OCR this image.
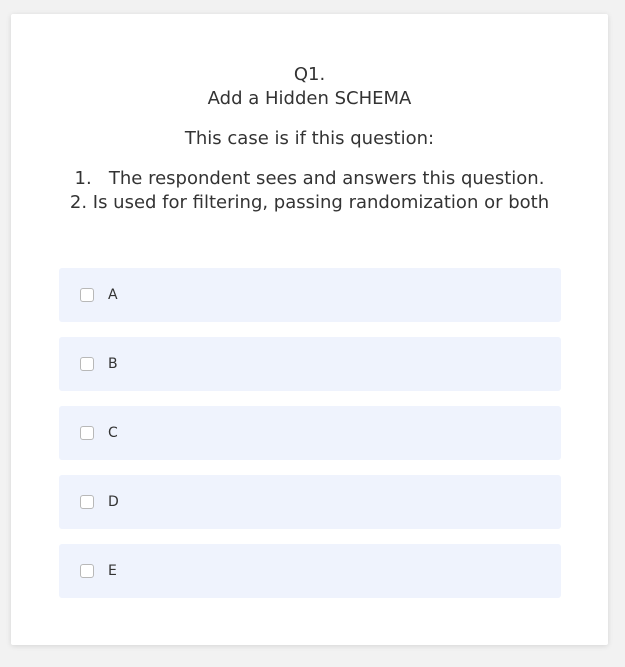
Q1.
Add a Hidden SCHEMA
This case is if this question:
1.   The respondent sees and answers this question.
2. Is used for filtering, passing randomization or both
A
B
C
D
E
